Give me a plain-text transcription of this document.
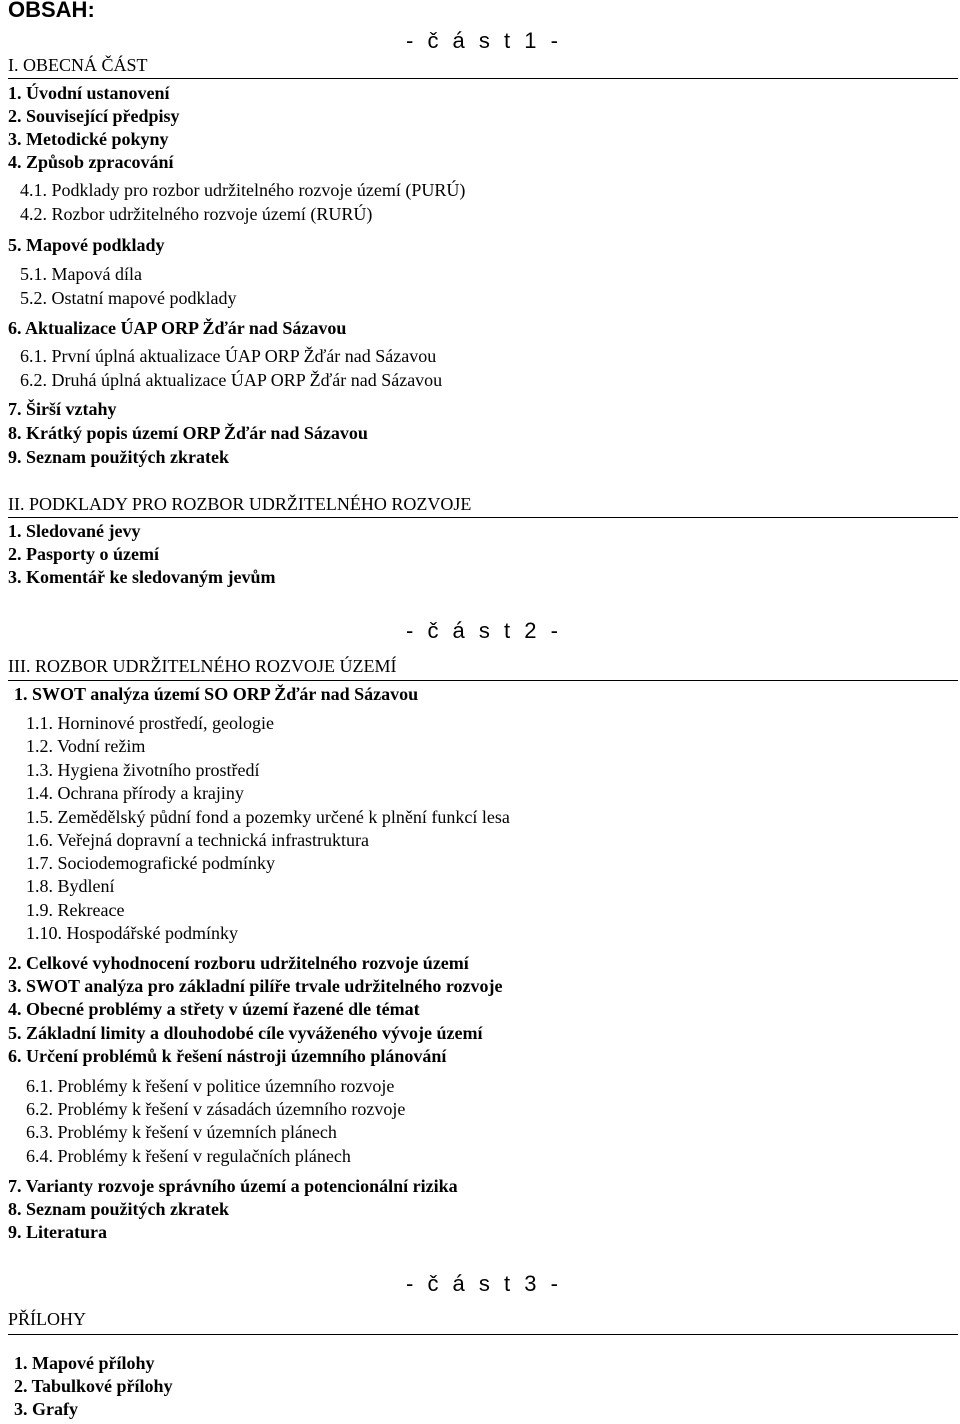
OBSAH:
- č á s t 1 -
I. OBECNÁ ČÁST
1. Úvodní ustanovení
2. Související předpisy
3. Metodické pokyny
4. Způsob zpracování
4.1. Podklady pro rozbor udržitelného rozvoje území (PURÚ)
4.2. Rozbor udržitelného rozvoje území (RURÚ)
5. Mapové podklady
5.1. Mapová díla
5.2. Ostatní mapové podklady
6. Aktualizace ÚAP ORP Žďár nad Sázavou
6.1. První úplná aktualizace ÚAP ORP Žďár nad Sázavou
6.2. Druhá úplná aktualizace ÚAP ORP Žďár nad Sázavou
7. Širší vztahy
8. Krátký popis území ORP Žďár nad Sázavou
9. Seznam použitých zkratek
II. PODKLADY PRO ROZBOR UDRŽITELNÉHO ROZVOJE
1. Sledované jevy
2. Pasporty o území
3. Komentář ke sledovaným jevům
- č á s t 2 -
III. ROZBOR UDRŽITELNÉHO ROZVOJE ÚZEMÍ
1. SWOT analýza území SO ORP Žďár nad Sázavou
1.1. Horninové prostředí, geologie
1.2. Vodní režim
1.3. Hygiena životního prostředí
1.4. Ochrana přírody a krajiny
1.5. Zemědělský půdní fond a pozemky určené k plnění funkcí lesa
1.6. Veřejná dopravní a technická infrastruktura
1.7. Sociodemografické podmínky
1.8. Bydlení
1.9. Rekreace
1.10. Hospodářské podmínky
2. Celkové vyhodnocení rozboru udržitelného rozvoje území
3. SWOT analýza pro základní pilíře trvale udržitelného rozvoje
4. Obecné problémy a střety v území řazené dle témat
5. Základní limity a dlouhodobé cíle vyváženého vývoje území
6. Určení problémů k řešení nástroji územního plánování
6.1. Problémy k řešení v politice územního rozvoje
6.2. Problémy k řešení v zásadách územního rozvoje
6.3. Problémy k řešení v územních plánech
6.4. Problémy k řešení v regulačních plánech
7. Varianty rozvoje správního území a potencionální rizika
8. Seznam použitých zkratek
9. Literatura
- č á s t 3 -
PŘÍLOHY
1. Mapové přílohy
2. Tabulkové přílohy
3. Grafy
